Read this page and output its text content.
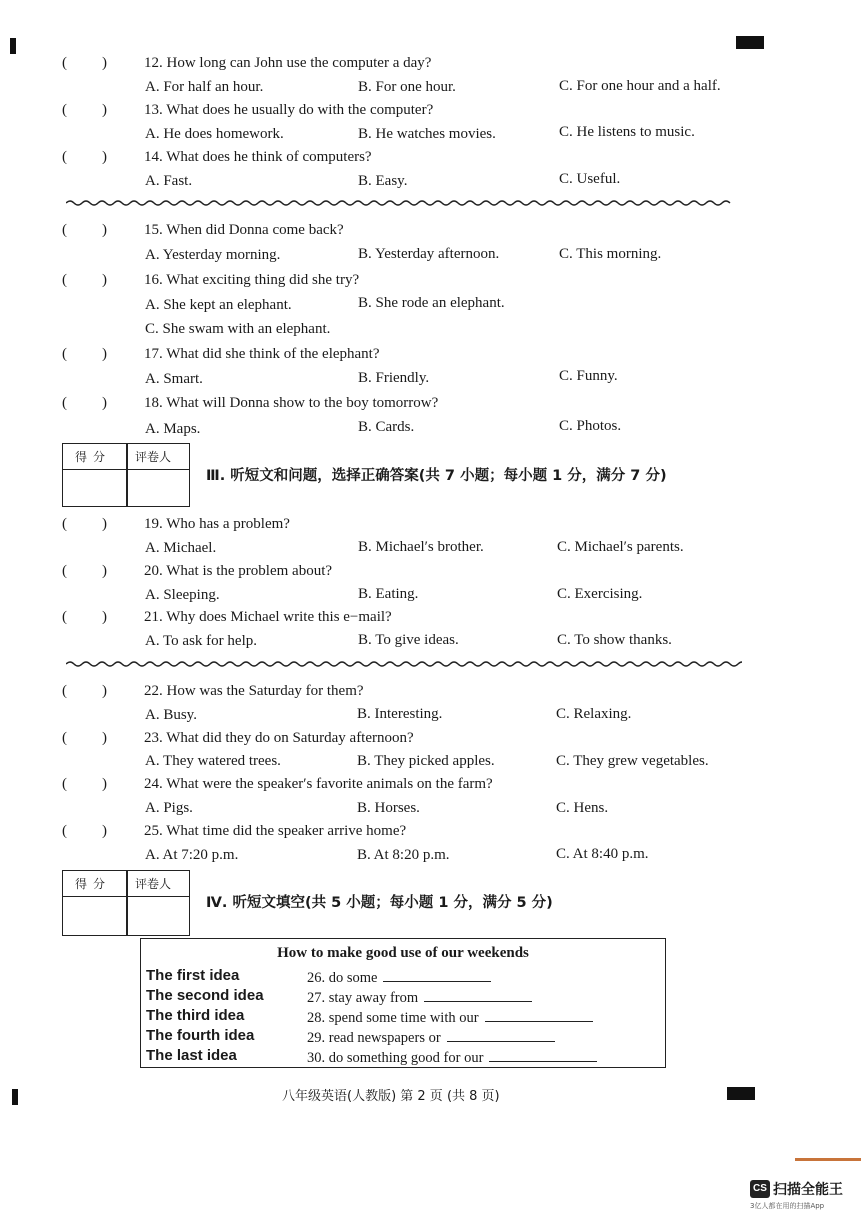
( ) 12. How long can John use the computer a day?
A. For half an hour.	B. For one hour.	C. For one hour and a half.
( ) 13. What does he usually do with the computer?
A. He does homework.	B. He watches movies.	C. He listens to music.
( ) 14. What does he think of computers?
A. Fast.	B. Easy.	C. Useful.
( ) 15. When did Donna come back?
A. Yesterday morning.	B. Yesterday afternoon.	C. This morning.
( ) 16. What exciting thing did she try?
A. She kept an elephant.	B. She rode an elephant.
C. She swam with an elephant.
( ) 17. What did she think of the elephant?
A. Smart.	B. Friendly.	C. Funny.
( ) 18. What will Donna show to the boy tomorrow?
A. Maps.	B. Cards.	C. Photos.
得分 评卷人
Ⅲ. 听短文和问题，选择正确答案(共 7 小题；每小题 1 分，满分 7 分)
( ) 19. Who has a problem?
A. Michael.	B. Michael′s brother.	C. Michael′s parents.
( ) 20. What is the problem about?
A. Sleeping.	B. Eating.	C. Exercising.
( ) 21. Why does Michael write this e−mail?
A. To ask for help.	B. To give ideas.	C. To show thanks.
( ) 22. How was the Saturday for them?
A. Busy.	B. Interesting.	C. Relaxing.
( ) 23. What did they do on Saturday afternoon?
A. They watered trees.	B. They picked apples.	C. They grew vegetables.
( ) 24. What were the speaker′s favorite animals on the farm?
A. Pigs.	B. Horses.	C. Hens.
( ) 25. What time did the speaker arrive home?
A. At 7:20 p.m.	B. At 8:20 p.m.	C. At 8:40 p.m.
得分 评卷人
Ⅳ. 听短文填空(共 5 小题；每小题 1 分，满分 5 分)
How to make good use of our weekends
The first idea	26. do some
The second idea	27. stay away from
The third idea	28. spend some time with our
The fourth idea	29. read newspapers or
The last idea	30. do something good for our
八年级英语(人教版) 第 2 页 (共 8 页)
CS 扫描全能王
3亿人都在用的扫描App
